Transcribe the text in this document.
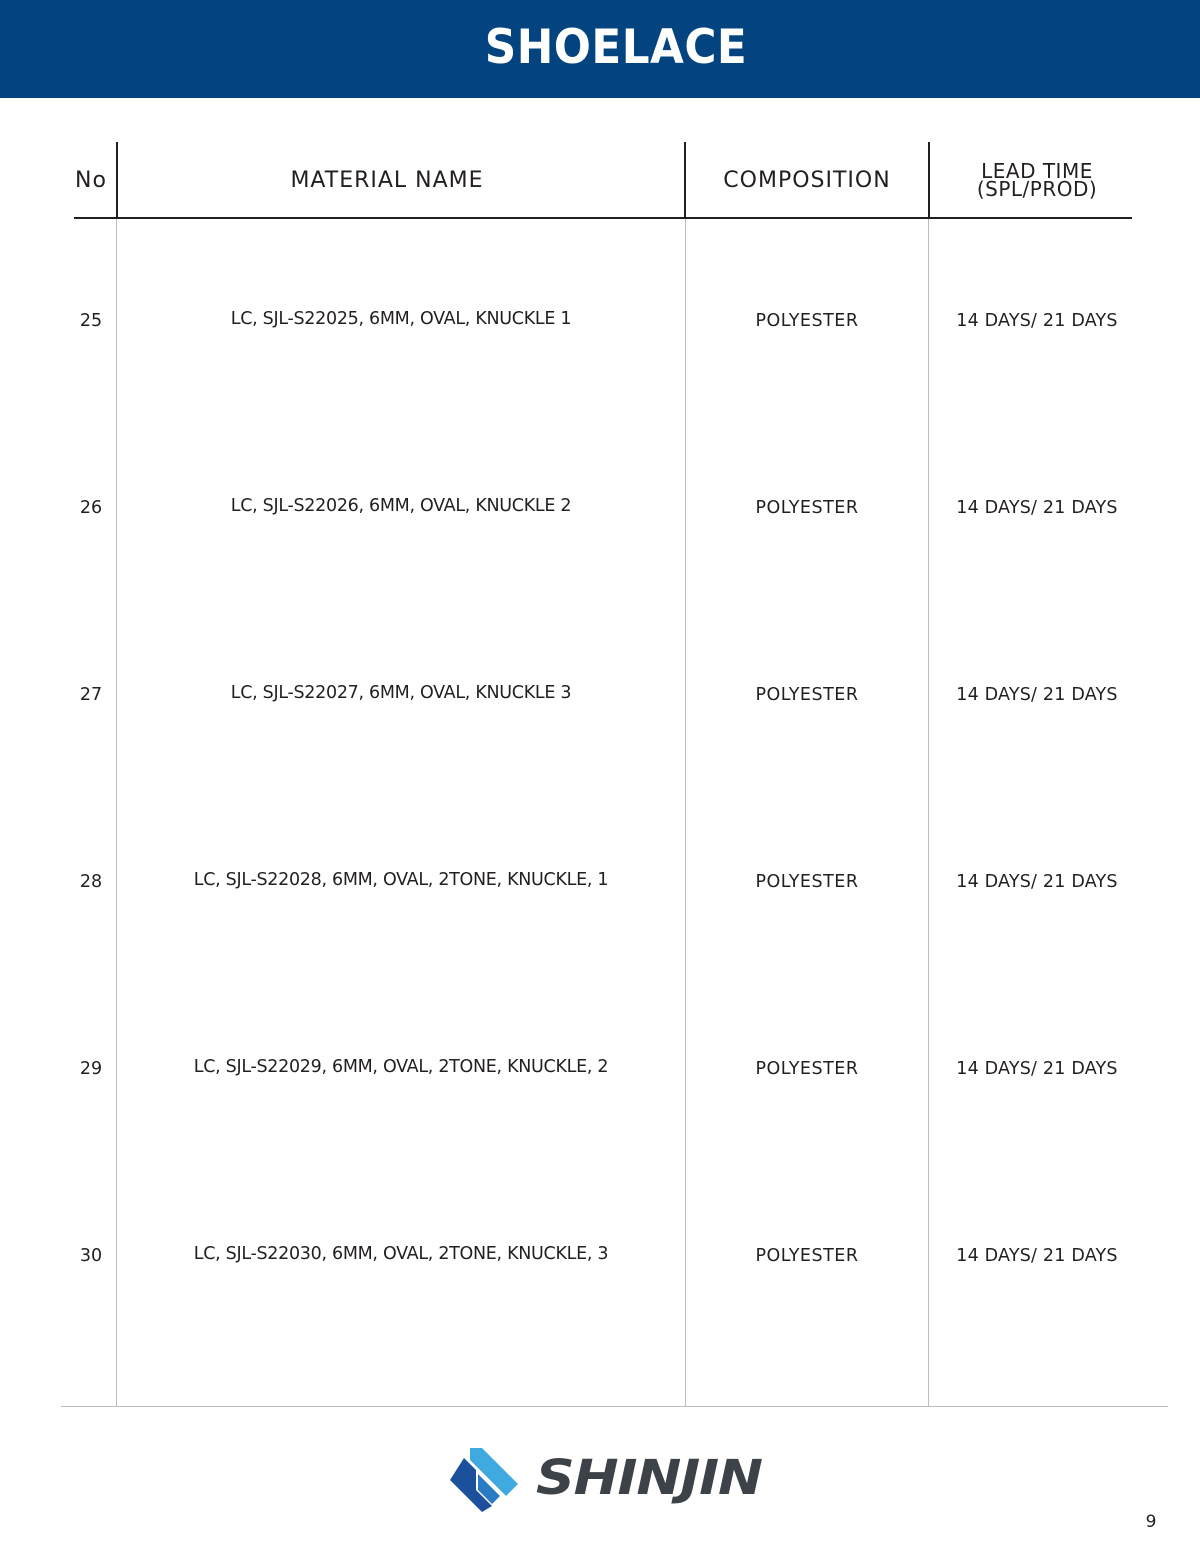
SHOELACE
No	MATERIAL NAME	COMPOSITION	LEAD TIME
(SPL/PROD)
25	LC, SJL-S22025, 6MM, OVAL, KNUCKLE 1	POLYESTER	14 DAYS/ 21 DAYS
26	LC, SJL-S22026, 6MM, OVAL, KNUCKLE 2	POLYESTER	14 DAYS/ 21 DAYS
27	LC, SJL-S22027, 6MM, OVAL, KNUCKLE 3	POLYESTER	14 DAYS/ 21 DAYS
28	LC, SJL-S22028, 6MM, OVAL, 2TONE, KNUCKLE, 1	POLYESTER	14 DAYS/ 21 DAYS
29	LC, SJL-S22029, 6MM, OVAL, 2TONE, KNUCKLE, 2	POLYESTER	14 DAYS/ 21 DAYS
30	LC, SJL-S22030, 6MM, OVAL, 2TONE, KNUCKLE, 3	POLYESTER	14 DAYS/ 21 DAYS
SHINJIN
9
